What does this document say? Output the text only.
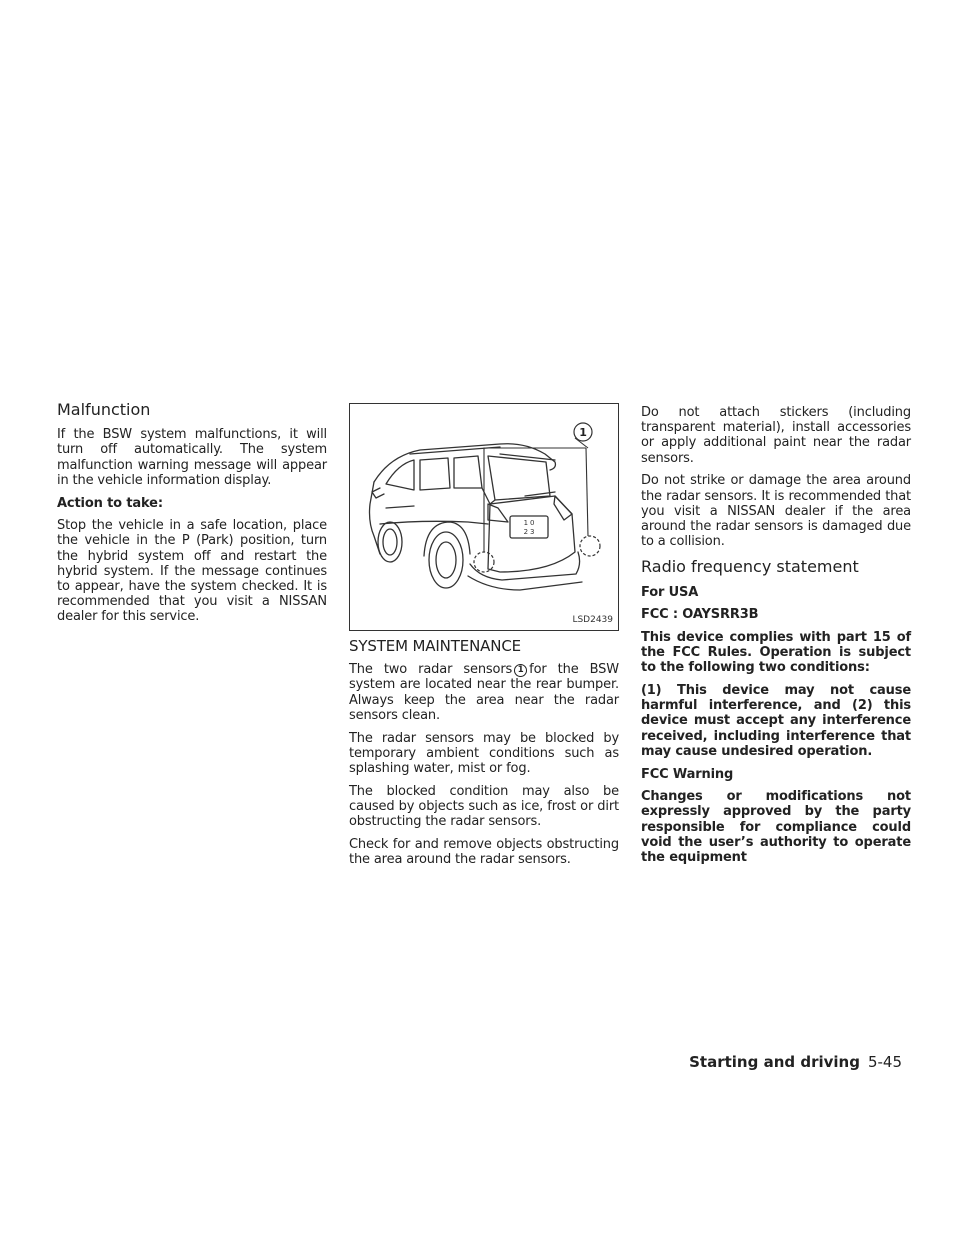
Malfunction

If the BSW system malfunctions, it will turn off automatically. The system malfunction warning message will appear in the vehicle information display.

Action to take:

Stop the vehicle in a safe location, place the vehicle in the P (Park) position, turn the hybrid system off and restart the hybrid system. If the message continues to appear, have the system checked. It is recommended that you visit a NISSAN dealer for this service.

1
1 0
2 3
LSD2439
SYSTEM MAINTENANCE

The two radar sensors 1 for the BSW system are located near the rear bumper. Always keep the area near the radar sensors clean.

The radar sensors may be blocked by temporary ambient conditions such as splashing water, mist or fog.

The blocked condition may also be caused by objects such as ice, frost or dirt obstructing the radar sensors.

Check for and remove objects obstructing the area around the radar sensors.

Do not attach stickers (including transparent material), install accessories or apply additional paint near the radar sensors.

Do not strike or damage the area around the radar sensors. It is recommended that you visit a NISSAN dealer if the area around the radar sensors is damaged due to a collision.

Radio frequency statement

For USA

FCC : OAYSRR3B

This device complies with part 15 of the FCC Rules. Operation is subject to the following two conditions:

(1) This device may not cause harmful interference, and (2) this device must accept any interference received, including interference that may cause undesired operation.

FCC Warning

Changes or modifications not expressly approved by the party responsible for compliance could void the user’s authority to operate the equipment

Starting and driving 5-45
